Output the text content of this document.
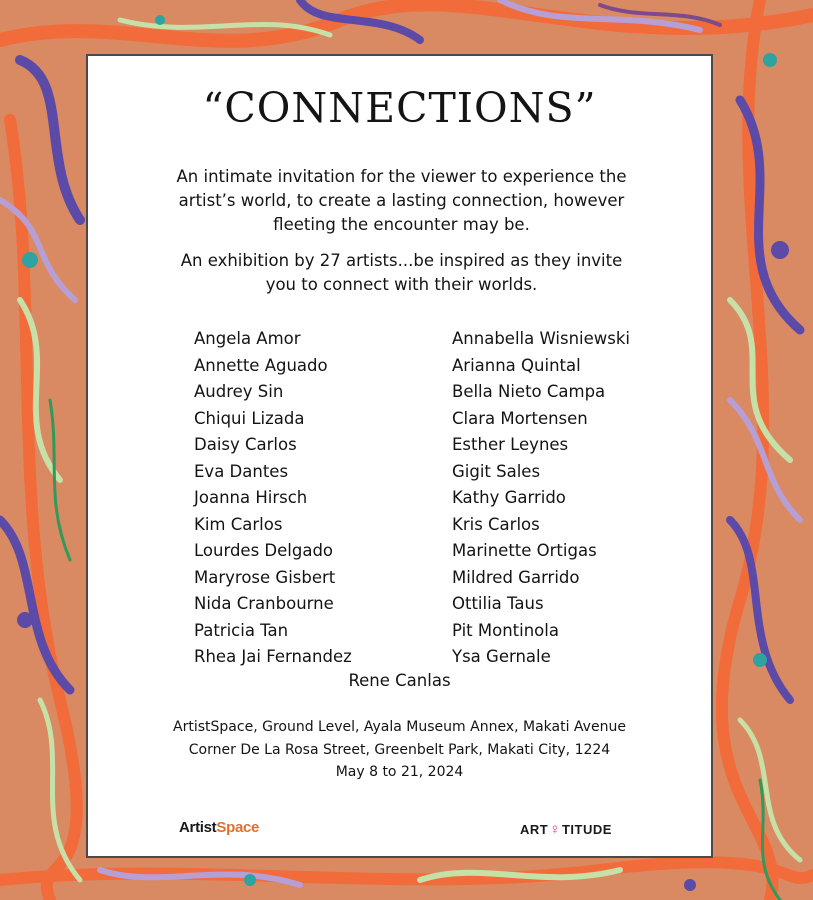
“CONNECTIONS”
An intimate invitation for the viewer to experience the
artist’s world, to create a lasting connection, however
fleeting the encounter may be.
An exhibition by 27 artists...be inspired as they invite
you to connect with their worlds.
Angela Amor
Annette Aguado
Audrey Sin
Chiqui Lizada
Daisy Carlos
Eva Dantes
Joanna Hirsch
Kim Carlos
Lourdes Delgado
Maryrose Gisbert
Nida Cranbourne
Patricia Tan
Rhea Jai Fernandez
Annabella Wisniewski
Arianna Quintal
Bella Nieto Campa
Clara Mortensen
Esther Leynes
Gigit Sales
Kathy Garrido
Kris Carlos
Marinette Ortigas
Mildred Garrido
Ottilia Taus
Pit Montinola
Ysa Gernale
Rene Canlas
ArtistSpace, Ground Level, Ayala Museum Annex, Makati Avenue
Corner De La Rosa Street, Greenbelt Park, Makati City, 1224
May 8 to 21, 2024
ArtistSpace	ART ♀ TITUDE
